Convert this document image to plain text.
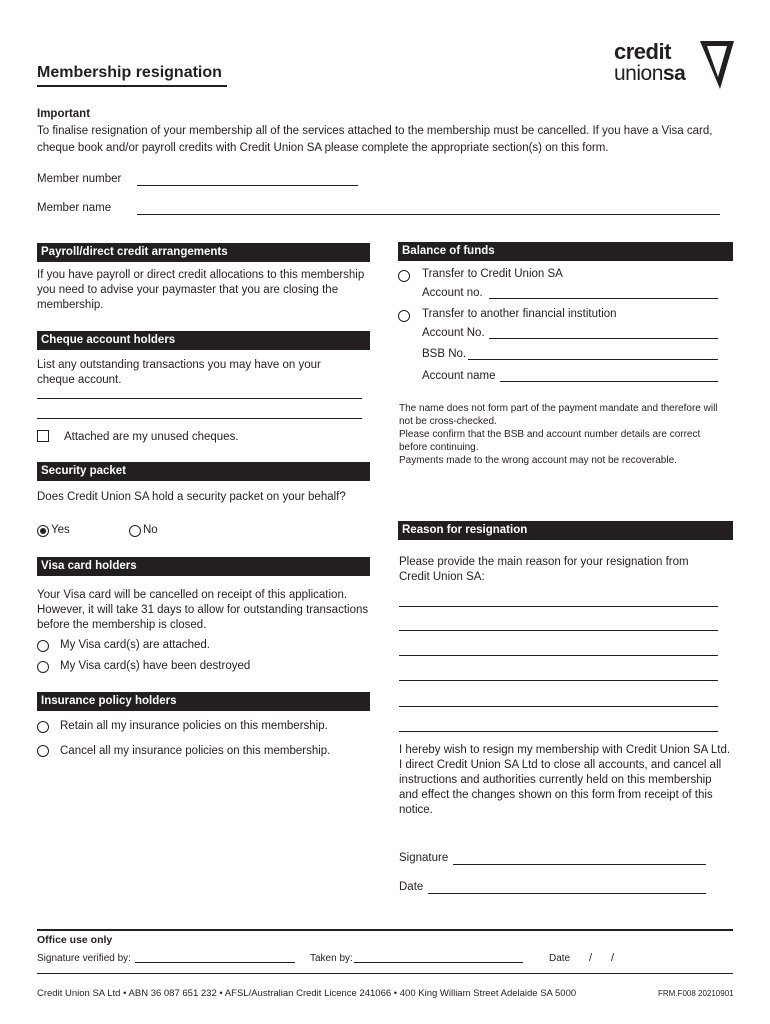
Membership resignation
credit
unionsa
Important
To finalise resignation of your membership all of the services attached to the membership must be cancelled. If you have a Visa card, cheque book and/or payroll credits with Credit Union SA please complete the appropriate section(s) on this form.
Member number
Member name
Payroll/direct credit arrangements
If you have payroll or direct credit allocations to this membership you need to advise your paymaster that you are closing the membership.
Cheque account holders
List any outstanding transactions you may have on your cheque account.
Attached are my unused cheques.
Security packet
Does Credit Union SA hold a security packet on your behalf?
Yes	No
Visa card holders
Your Visa card will be cancelled on receipt of this application. However, it will take 31 days to allow for outstanding transactions before the membership is closed.
My Visa card(s) are attached.
My Visa card(s) have been destroyed
Insurance policy holders
Retain all my insurance policies on this membership.
Cancel all my insurance policies on this membership.
Balance of funds
Transfer to Credit Union SA
Account no.
Transfer to another financial institution
Account No.
BSB No.
Account name
The name does not form part of the payment mandate and therefore will not be cross-checked.
Please confirm that the BSB and account number details are correct before continuing.
Payments made to the wrong account may not be recoverable.
Reason for resignation
Please provide the main reason for your resignation from Credit Union SA:
I hereby wish to resign my membership with Credit Union SA Ltd. I direct Credit Union SA Ltd to close all accounts, and cancel all instructions and authorities currently held on this membership and effect the changes shown on this form from receipt of this notice.
Signature
Date
Office use only
Signature verified by:	Taken by:	Date / /
Credit Union SA Ltd • ABN 36 087 651 232 • AFSL/Australian Credit Licence 241066 • 400 King William Street Adelaide SA 5000	FRM.F008 20210901
